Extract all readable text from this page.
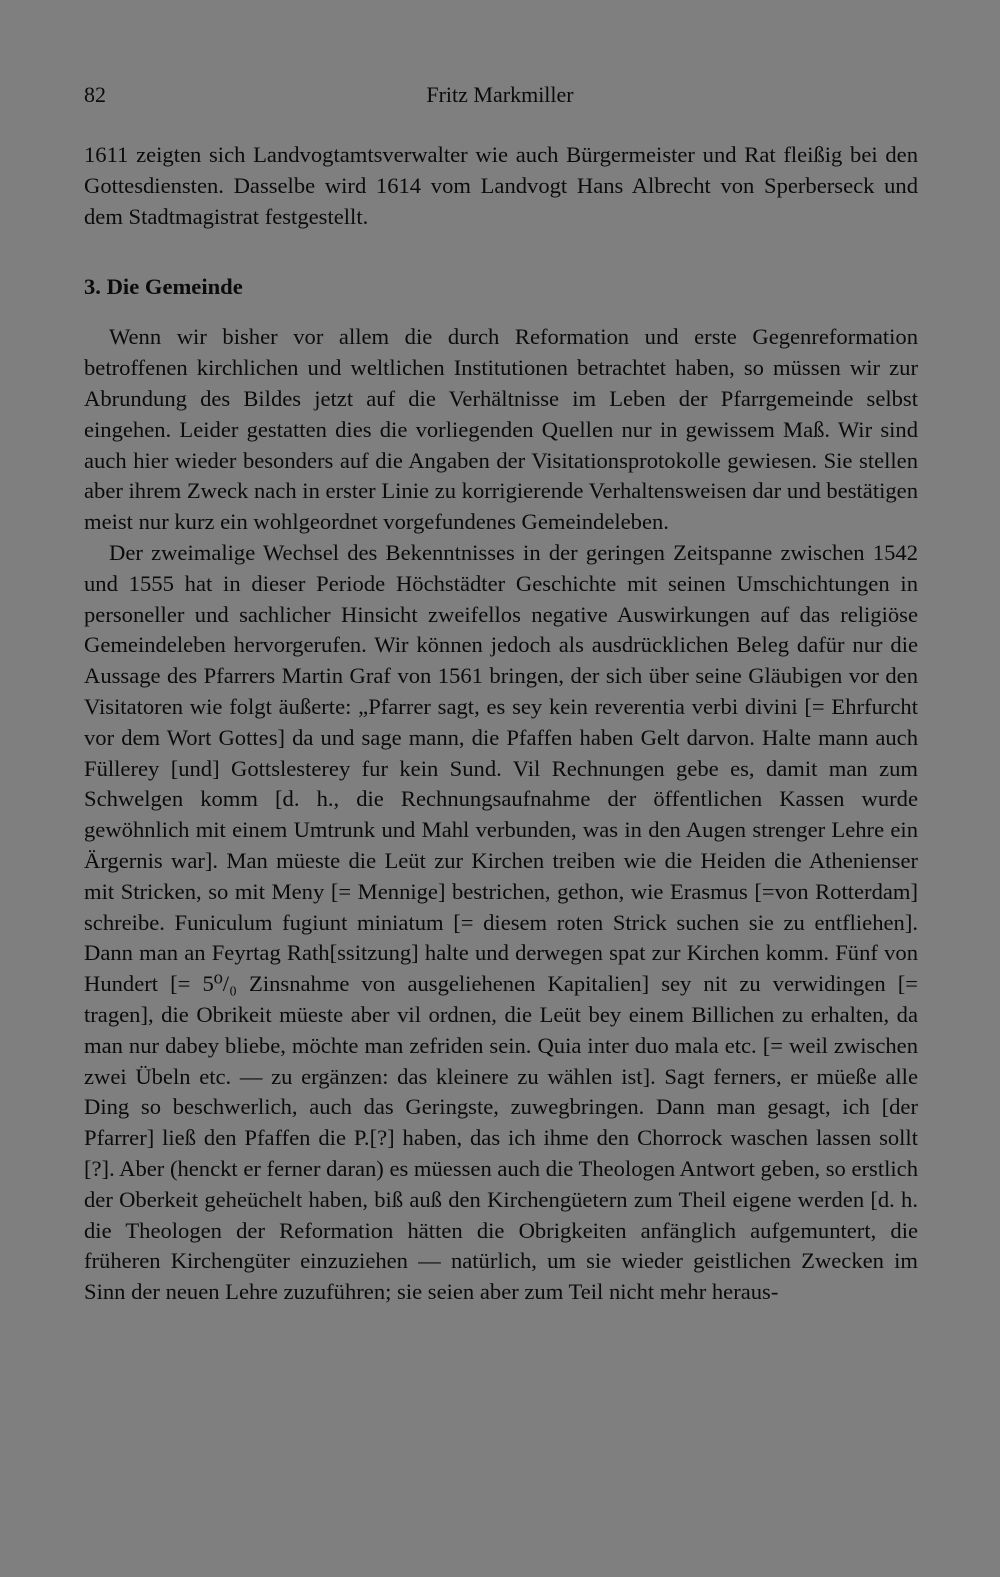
82	Fritz Markmiller

1611 zeigten sich Landvogtamtsverwalter wie auch Bürgermeister und Rat fleißig bei den Gottesdiensten. Dasselbe wird 1614 vom Landvogt Hans Albrecht von Sperberseck und dem Stadtmagistrat festgestellt.

3. Die Gemeinde

Wenn wir bisher vor allem die durch Reformation und erste Gegenreformation betroffenen kirchlichen und weltlichen Institutionen betrachtet haben, so müssen wir zur Abrundung des Bildes jetzt auf die Verhältnisse im Leben der Pfarrgemeinde selbst eingehen. Leider gestatten dies die vorliegenden Quellen nur in gewissem Maß. Wir sind auch hier wieder besonders auf die Angaben der Visitationsprotokolle gewiesen. Sie stellen aber ihrem Zweck nach in erster Linie zu korrigierende Verhaltensweisen dar und bestätigen meist nur kurz ein wohlgeordnet vorgefundenes Gemeindeleben.

Der zweimalige Wechsel des Bekenntnisses in der geringen Zeitspanne zwischen 1542 und 1555 hat in dieser Periode Höchstädter Geschichte mit seinen Umschichtungen in personeller und sachlicher Hinsicht zweifellos negative Auswirkungen auf das religiöse Gemeindeleben hervorgerufen. Wir können jedoch als ausdrücklichen Beleg dafür nur die Aussage des Pfarrers Martin Graf von 1561 bringen, der sich über seine Gläubigen vor den Visitatoren wie folgt äußerte: „Pfarrer sagt, es sey kein reverentia verbi divini [= Ehrfurcht vor dem Wort Gottes] da und sage mann, die Pfaffen haben Gelt darvon. Halte mann auch Füllerey [und] Gottslesterey fur kein Sund. Vil Rechnungen gebe es, damit man zum Schwelgen komm [d. h., die Rechnungsaufnahme der öffentlichen Kassen wurde gewöhnlich mit einem Umtrunk und Mahl verbunden, was in den Augen strenger Lehre ein Ärgernis war]. Man müeste die Leüt zur Kirchen treiben wie die Heiden die Athenienser mit Stricken, so mit Meny [= Mennige] bestrichen, gethon, wie Erasmus [=von Rotterdam] schreibe. Funiculum fugiunt miniatum [= diesem roten Strick suchen sie zu entfliehen]. Dann man an Feyrtag Rath[ssitzung] halte und derwegen spat zur Kirchen komm. Fünf von Hundert [= 5⁰/₀ Zinsnahme von ausgeliehenen Kapitalien] sey nit zu verwidingen [= tragen], die Obrikeit müeste aber vil ordnen, die Leüt bey einem Billichen zu erhalten, da man nur dabey bliebe, möchte man zefriden sein. Quia inter duo mala etc. [= weil zwischen zwei Übeln etc. — zu ergänzen: das kleinere zu wählen ist]. Sagt ferners, er müeße alle Ding so beschwerlich, auch das Geringste, zuwegbringen. Dann man gesagt, ich [der Pfarrer] ließ den Pfaffen die P.[?] haben, das ich ihme den Chorrock waschen lassen sollt [?]. Aber (henckt er ferner daran) es müessen auch die Theologen Antwort geben, so erstlich der Oberkeit geheüchelt haben, biß auß den Kirchengüetern zum Theil eigene werden [d. h. die Theologen der Reformation hätten die Obrigkeiten anfänglich aufgemuntert, die früheren Kirchengüter einzuziehen — natürlich, um sie wieder geistlichen Zwecken im Sinn der neuen Lehre zuzuführen; sie seien aber zum Teil nicht mehr heraus-
